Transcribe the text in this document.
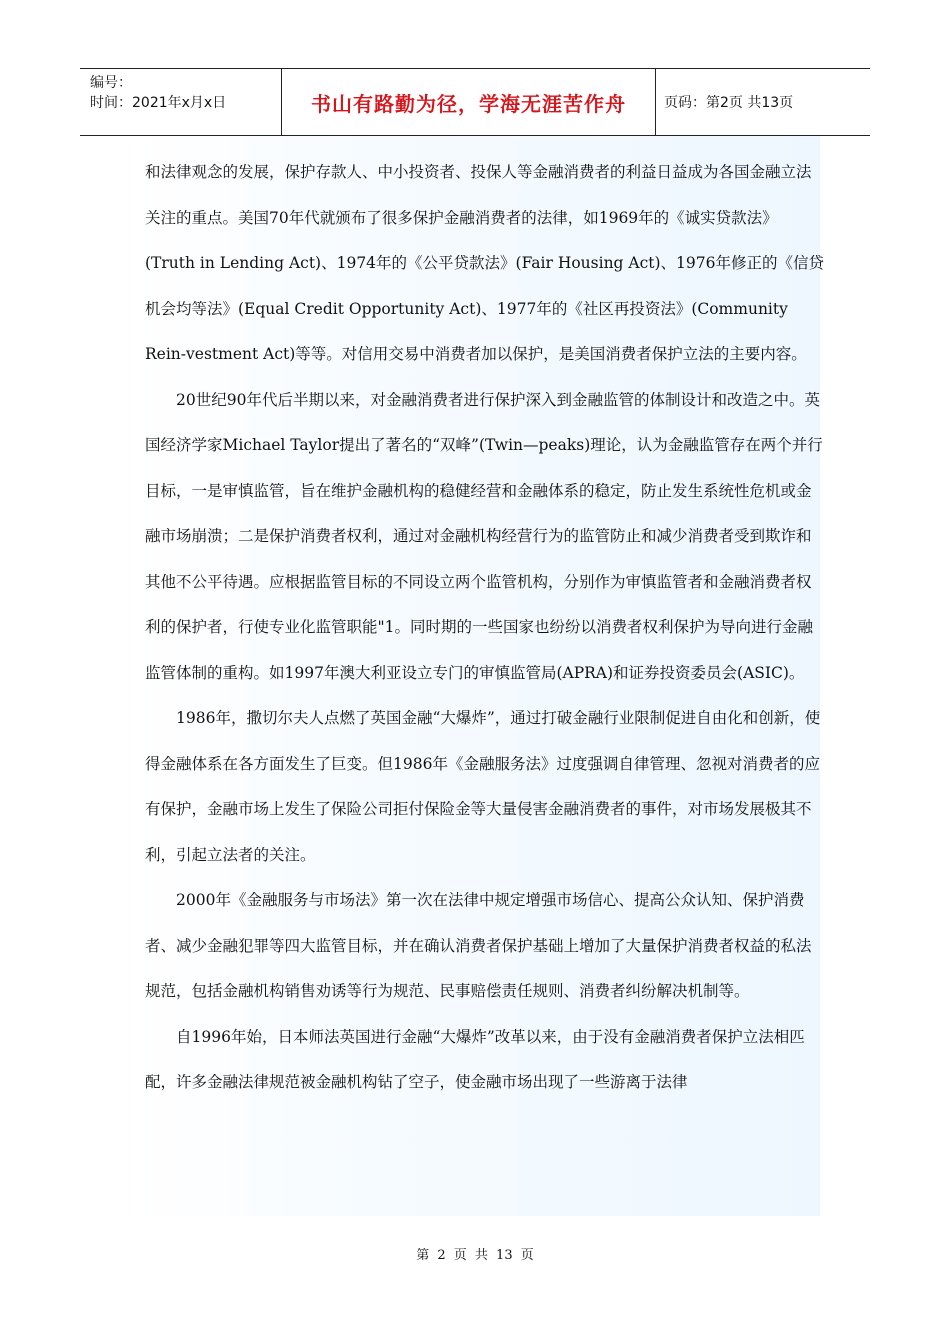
编号：
时间：2021年x月x日	书山有路勤为径，学海无涯苦作舟	页码：第2页 共13页

和法律观念的发展，保护存款人、中小投资者、投保人等金融消费者的利益日益成为各国金融立法关注的重点。美国70年代就颁布了很多保护金融消费者的法律，如1969年的《诚实贷款法》(Truth in Lending Act)、1974年的《公平贷款法》(Fair Housing Act)、1976年修正的《信贷机会均等法》(Equal Credit Opportunity Act)、1977年的《社区再投资法》(Community Rein-vestment Act)等等。对信用交易中消费者加以保护，是美国消费者保护立法的主要内容。

20世纪90年代后半期以来，对金融消费者进行保护深入到金融监管的体制设计和改造之中。英国经济学家Michael Taylor提出了著名的“双峰”(Twin—peaks)理论，认为金融监管存在两个并行目标，一是审慎监管，旨在维护金融机构的稳健经营和金融体系的稳定，防止发生系统性危机或金融市场崩溃；二是保护消费者权利，通过对金融机构经营行为的监管防止和减少消费者受到欺诈和其他不公平待遇。应根据监管目标的不同设立两个监管机构，分别作为审慎监管者和金融消费者权利的保护者，行使专业化监管职能"1。同时期的一些国家也纷纷以消费者权利保护为导向进行金融监管体制的重构。如1997年澳大利亚设立专门的审慎监管局(APRA)和证券投资委员会(ASIC)。

1986年，撒切尔夫人点燃了英国金融“大爆炸”，通过打破金融行业限制促进自由化和创新，使得金融体系在各方面发生了巨变。但1986年《金融服务法》过度强调自律管理、忽视对消费者的应有保护，金融市场上发生了保险公司拒付保险金等大量侵害金融消费者的事件，对市场发展极其不利，引起立法者的关注。

2000年《金融服务与市场法》第一次在法律中规定增强市场信心、提高公众认知、保护消费者、减少金融犯罪等四大监管目标，并在确认消费者保护基础上增加了大量保护消费者权益的私法规范，包括金融机构销售劝诱等行为规范、民事赔偿责任规则、消费者纠纷解决机制等。

自1996年始，日本师法英国进行金融“大爆炸”改革以来，由于没有金融消费者保护立法相匹配，许多金融法律规范被金融机构钻了空子，使金融市场出现了一些游离于法律

第 2 页 共 13 页
